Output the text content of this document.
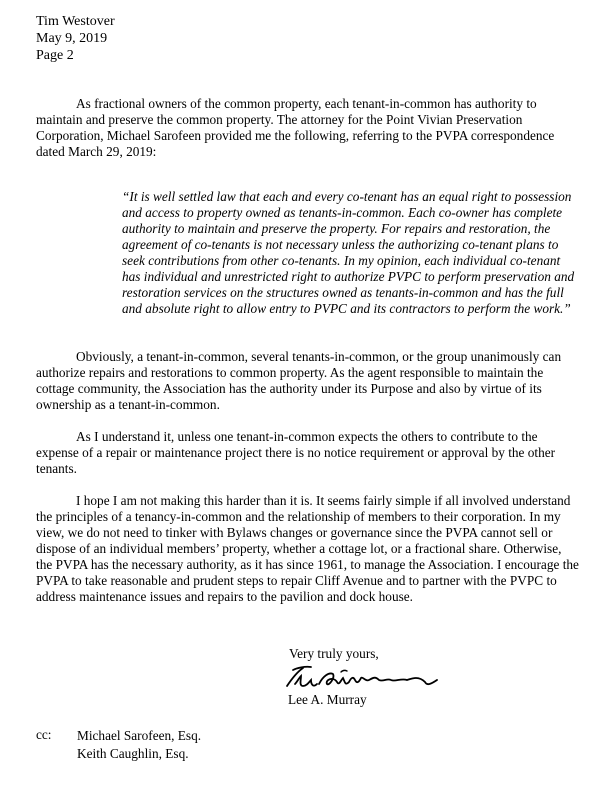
Tim Westover
May 9, 2019
Page 2

As fractional owners of the common property, each tenant-in-common has authority to maintain and preserve the common property. The attorney for the Point Vivian Preservation Corporation, Michael Sarofeen provided me the following, referring to the PVPA correspondence dated March 29, 2019:

“It is well settled law that each and every co-tenant has an equal right to possession and access to property owned as tenants-in-common. Each co-owner has complete authority to maintain and preserve the property. For repairs and restoration, the agreement of co-tenants is not necessary unless the authorizing co-tenant plans to seek contributions from other co-tenants. In my opinion, each individual co-tenant has individual and unrestricted right to authorize PVPC to perform preservation and restoration services on the structures owned as tenants-in-common and has the full and absolute right to allow entry to PVPC and its contractors to perform the work.”

Obviously, a tenant-in-common, several tenants-in-common, or the group unanimously can authorize repairs and restorations to common property. As the agent responsible to maintain the cottage community, the Association has the authority under its Purpose and also by virtue of its ownership as a tenant-in-common.

As I understand it, unless one tenant-in-common expects the others to contribute to the expense of a repair or maintenance project there is no notice requirement or approval by the other tenants.

I hope I am not making this harder than it is. It seems fairly simple if all involved understand the principles of a tenancy-in-common and the relationship of members to their corporation. In my view, we do not need to tinker with Bylaws changes or governance since the PVPA cannot sell or dispose of an individual members’ property, whether a cottage lot, or a fractional share. Otherwise, the PVPA has the necessary authority, as it has since 1961, to manage the Association. I encourage the PVPA to take reasonable and prudent steps to repair Cliff Avenue and to partner with the PVPC to address maintenance issues and repairs to the pavilion and dock house.

Very truly yours,
Lee A. Murray
cc: Michael Sarofeen, Esq.
Keith Caughlin, Esq.
